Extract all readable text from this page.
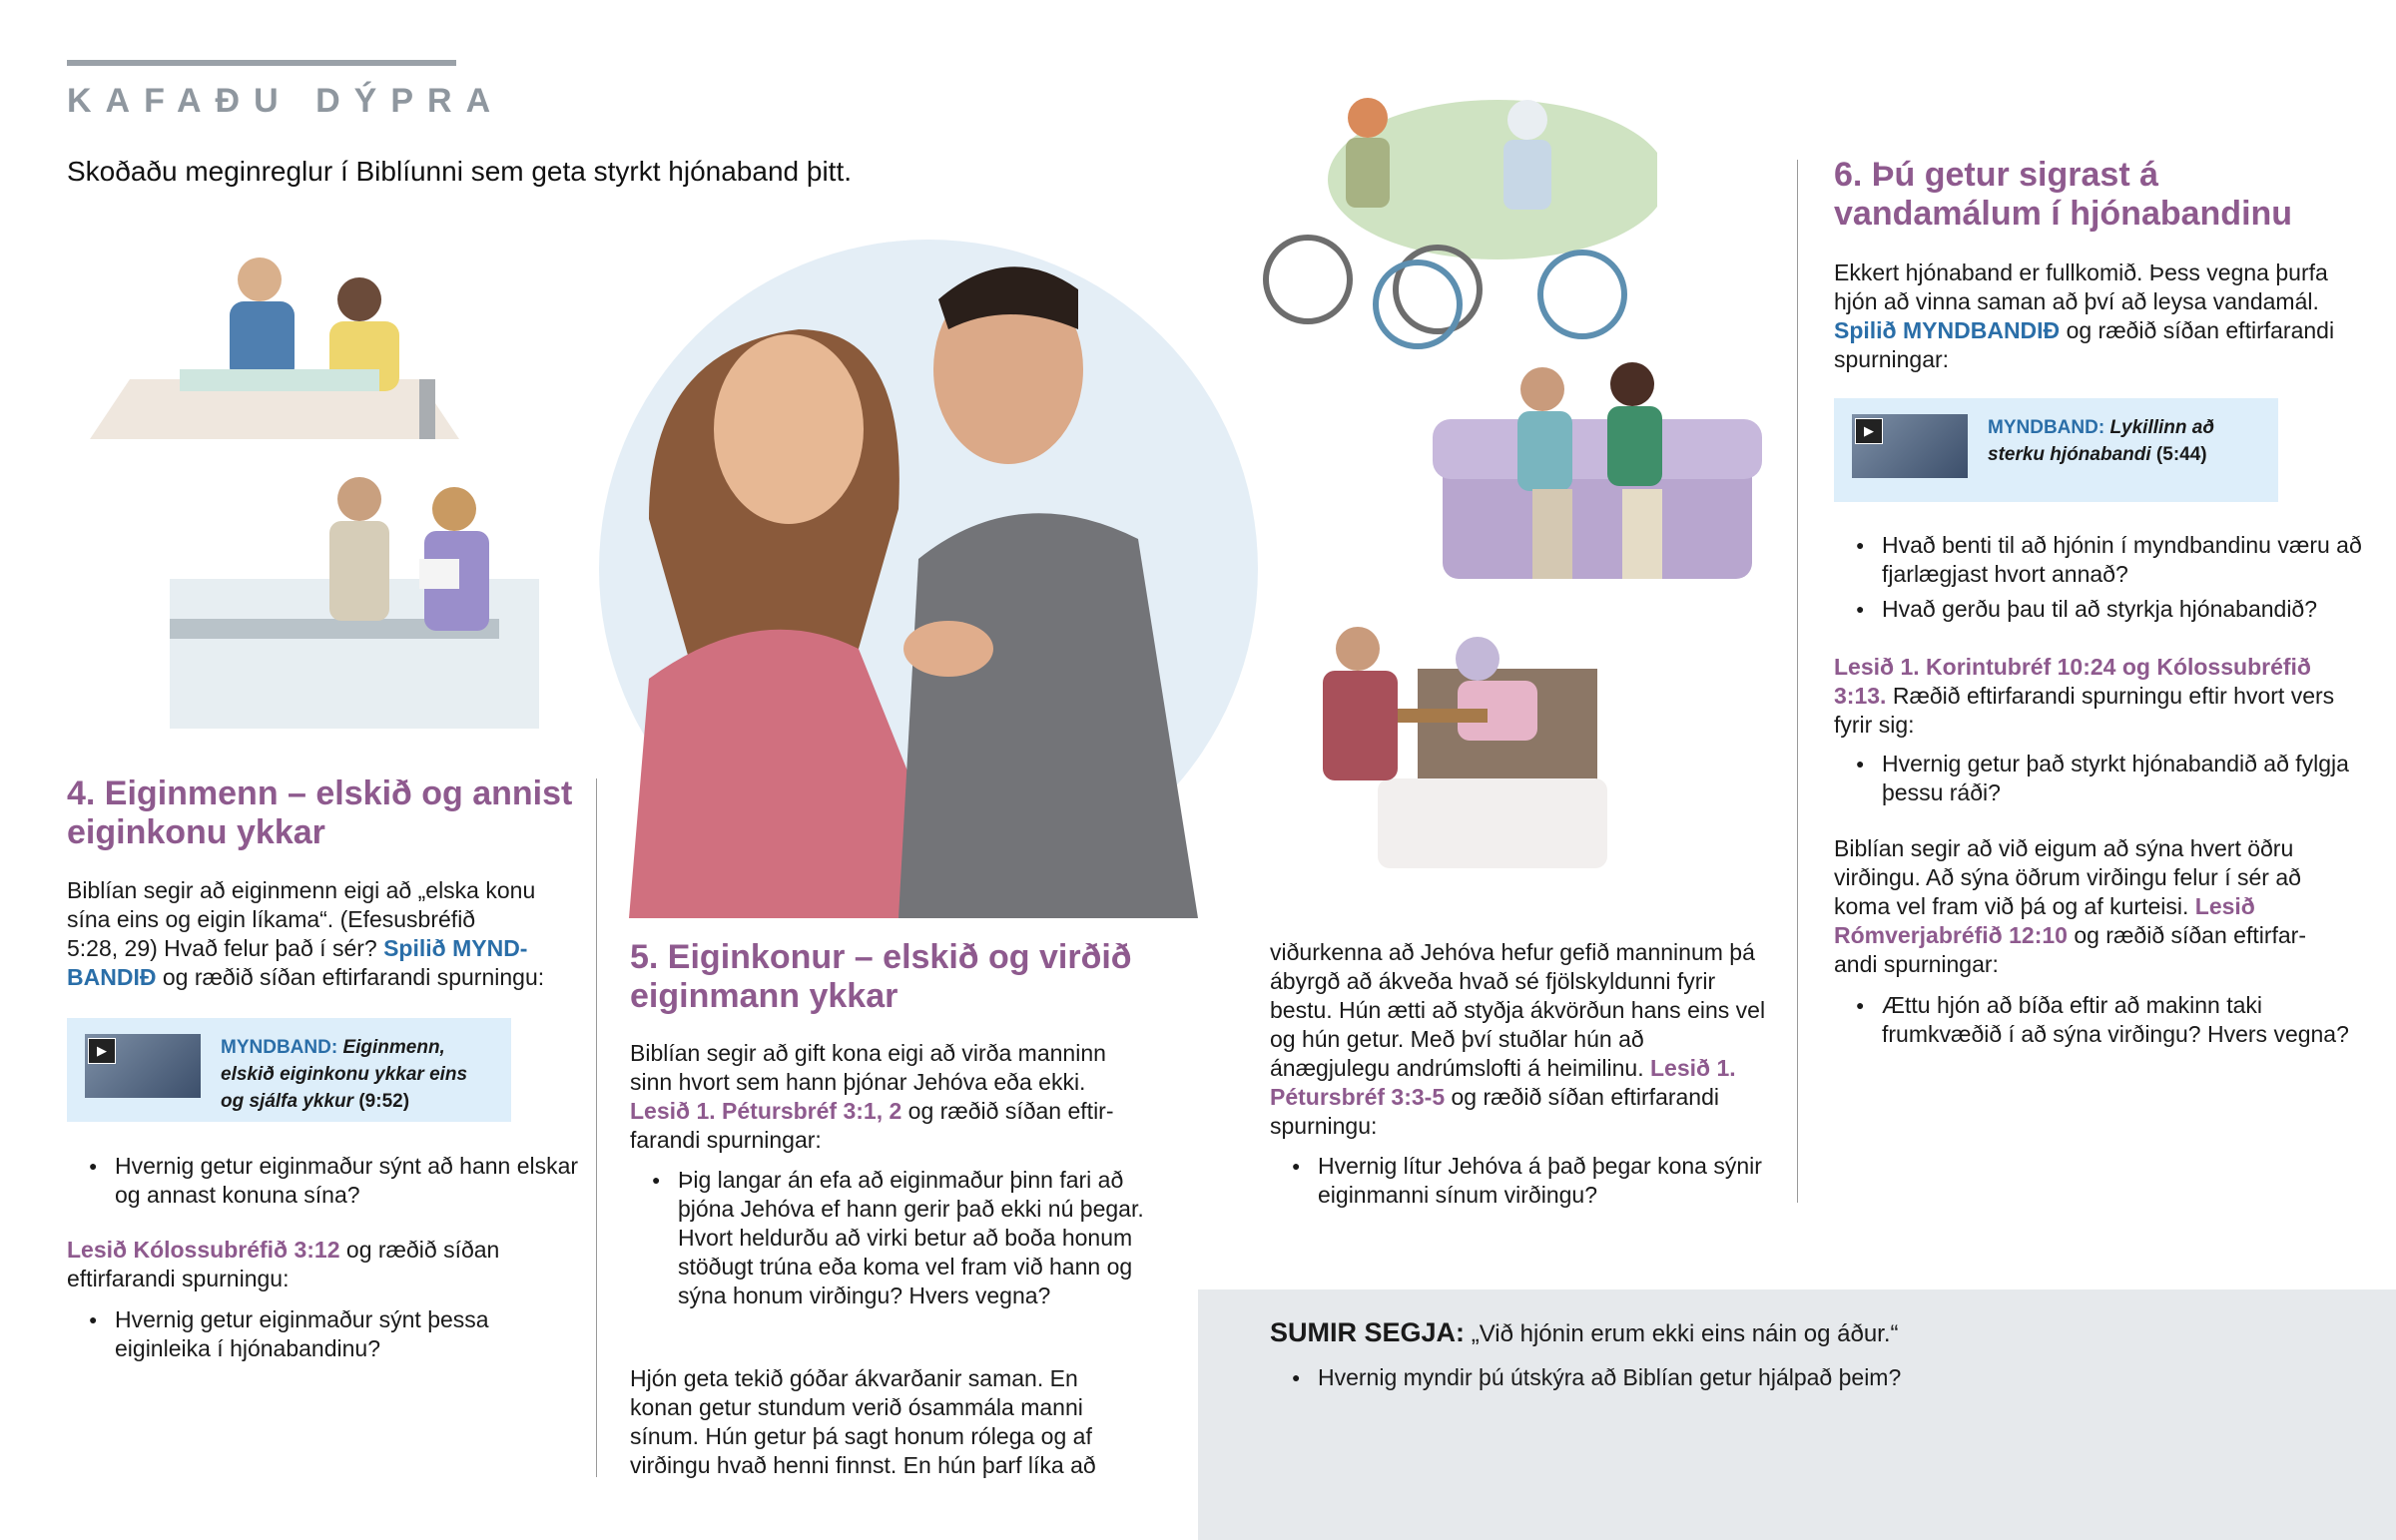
KAFAÐU DÝPRA
Skoðaðu meginreglur í Biblíunni sem geta styrkt hjónaband þitt.
4. Eiginmenn – elskið og annist
eiginkonu ykkar
Biblían segir að eiginmenn eigi að „elska konu
sína eins og eigin líkama“. (Efesusbréfið
5:28, 29) Hvað felur það í sér? Spilið MYND-
BANDIÐ og ræðið síðan eftirfarandi spurningu:
▶	MYNDBAND: Eiginmenn, elskið eiginkonu ykkar eins og sjálfa ykkur (9:52)
● Hvernig getur eiginmaður sýnt að hann elskar og annast konuna sína?
Lesið Kólossubréfið 3:12 og ræðið síðan
eftirfarandi spurningu:
● Hvernig getur eiginmaður sýnt þessa eiginleika í hjónabandinu?
5. Eiginkonur – elskið og virðið
eiginmann ykkar
Biblían segir að gift kona eigi að virða manninn
sinn hvort sem hann þjónar Jehóva eða ekki.
Lesið 1. Pétursbréf 3:1, 2 og ræðið síðan eftir-
farandi spurningar:
● Þig langar án efa að eiginmaður þinn fari að þjóna Jehóva ef hann gerir það ekki nú þegar. Hvort heldurðu að virki betur að boða honum stöðugt trúna eða koma vel fram við hann og sýna honum virðingu? Hvers vegna?
Hjón geta tekið góðar ákvarðanir saman. En konan getur stundum verið ósammála manni sínum. Hún getur þá sagt honum rólega og af virðingu hvað henni finnst. En hún þarf líka að
viðurkenna að Jehóva hefur gefið manninum þá ábyrgð að ákveða hvað sé fjölskyldunni fyrir bestu. Hún ætti að styðja ákvörðun hans eins vel og hún getur. Með því stuðlar hún að ánægjulegu andrúmslofti á heimilinu. Lesið 1. Pétursbréf 3:3-5 og ræðið síðan eftirfarandi spurningu:
● Hvernig lítur Jehóva á það þegar kona sýnir eiginmanni sínum virðingu?
6. Þú getur sigrast á
vandamálum í hjónabandinu
Ekkert hjónaband er fullkomið. Þess vegna þurfa hjón að vinna saman að því að leysa vandamál. Spilið MYNDBANDIÐ og ræðið síðan eftirfarandi spurningar:
▶	MYNDBAND: Lykillinn að sterku hjónabandi (5:44)
● Hvað benti til að hjónin í myndbandinu væru að fjarlægjast hvort annað?
● Hvað gerðu þau til að styrkja hjónabandið?
Lesið 1. Korintubréf 10:24 og Kólossubréfið 3:13. Ræðið eftirfarandi spurningu eftir hvort vers fyrir sig:
● Hvernig getur það styrkt hjónabandið að fylgja þessu ráði?
Biblían segir að við eigum að sýna hvert öðru virðingu. Að sýna öðrum virðingu felur í sér að koma vel fram við þá og af kurteisi. Lesið Rómverjabréfið 12:10 og ræðið síðan eftirfar-andi spurningar:
● Ættu hjón að bíða eftir að makinn taki frumkvæðið í að sýna virðingu? Hvers vegna?
SUMIR SEGJA: „Við hjónin erum ekki eins náin og áður.“
● Hvernig myndir þú útskýra að Biblían getur hjálpað þeim?
